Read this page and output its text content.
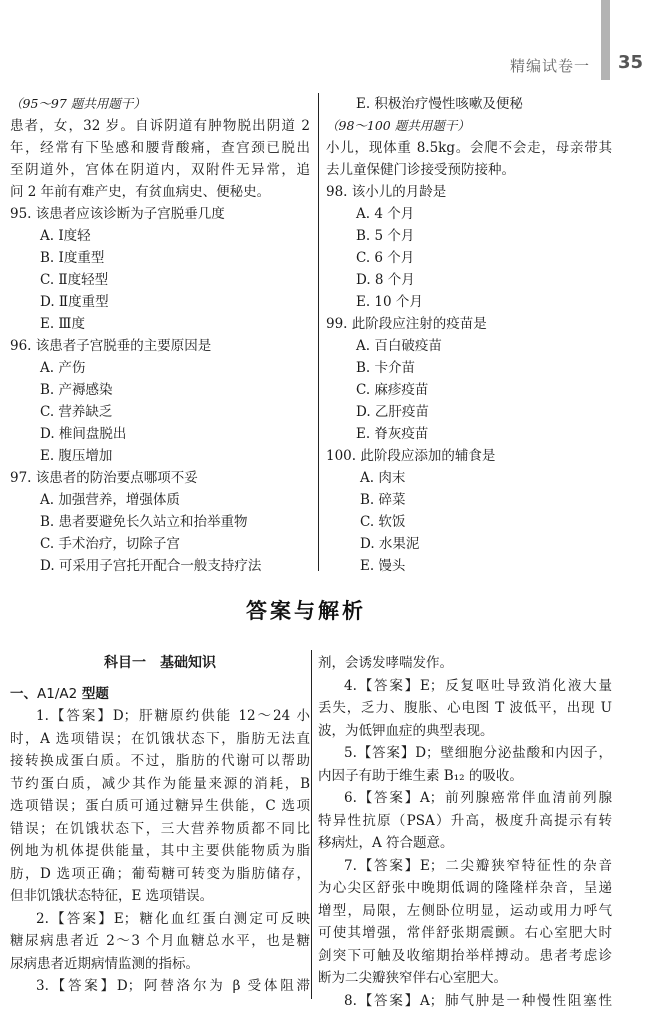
精编试卷一 35

（95～97 题共用题干）

患者，女，32 岁。自诉阴道有肿物脱出阴道 2

年，经常有下坠感和腰背酸痛，查宫颈已脱出

至阴道外，宫体在阴道内，双附件无异常，追

问 2 年前有难产史，有贫血病史、便秘史。

95. 该患者应该诊断为子宫脱垂几度

A. Ⅰ度轻

B. Ⅰ度重型

C. Ⅱ度轻型

D. Ⅱ度重型

E. Ⅲ度

96. 该患者子宫脱垂的主要原因是

A. 产伤

B. 产褥感染

C. 营养缺乏

D. 椎间盘脱出

E. 腹压增加

97. 该患者的防治要点哪项不妥

A. 加强营养，增强体质

B. 患者要避免长久站立和抬举重物

C. 手术治疗，切除子宫

D. 可采用子宫托开配合一般支持疗法

E. 积极治疗慢性咳嗽及便秘

（98～100 题共用题干）

小儿，现体重 8.5kg。会爬不会走，母亲带其

去儿童保健门诊接受预防接种。

98. 该小儿的月龄是

A. 4 个月

B. 5 个月

C. 6 个月

D. 8 个月

E. 10 个月

99. 此阶段应注射的疫苗是

A. 百白破疫苗

B. 卡介苗

C. 麻疹疫苗

D. 乙肝疫苗

E. 脊灰疫苗

100. 此阶段应添加的辅食是

A. 肉末

B. 碎菜

C. 软饭

D. 水果泥

E. 馒头

答案与解析

科目一　基础知识

一、A1/A2 型题

1.【答案】D；肝糖原约供能 12～24 小

时，A 选项错误；在饥饿状态下，脂肪无法直

接转换成蛋白质。不过，脂肪的代谢可以帮助

节约蛋白质，减少其作为能量来源的消耗，B

选项错误；蛋白质可通过糖异生供能，C 选项

错误；在饥饿状态下，三大营养物质都不同比

例地为机体提供能量，其中主要供能物质为脂

肪，D 选项正确；葡萄糖可转变为脂肪储存，

但非饥饿状态特征，E 选项错误。

2.【答案】E；糖化血红蛋白测定可反映

糖尿病患者近 2～3 个月血糖总水平，也是糖

尿病患者近期病情监测的指标。

3.【答案】D；阿替洛尔为 β 受体阻滞

剂，会诱发哮喘发作。

4.【答案】E；反复呕吐导致消化液大量

丢失，乏力、腹胀、心电图 T 波低平，出现 U

波，为低钾血症的典型表现。

5.【答案】D；壁细胞分泌盐酸和内因子，

内因子有助于维生素 B₁₂ 的吸收。

6.【答案】A；前列腺癌常伴血清前列腺

特异性抗原（PSA）升高，极度升高提示有转

移病灶，A 符合题意。

7.【答案】E；二尖瓣狭窄特征性的杂音

为心尖区舒张中晚期低调的隆隆样杂音，呈递

增型，局限，左侧卧位明显，运动或用力呼气

可使其增强，常伴舒张期震颤。右心室肥大时

剑突下可触及收缩期抬举样搏动。患者考虑诊

断为二尖瓣狭窄伴右心室肥大。

8.【答案】A；肺气肿是一种慢性阻塞性
